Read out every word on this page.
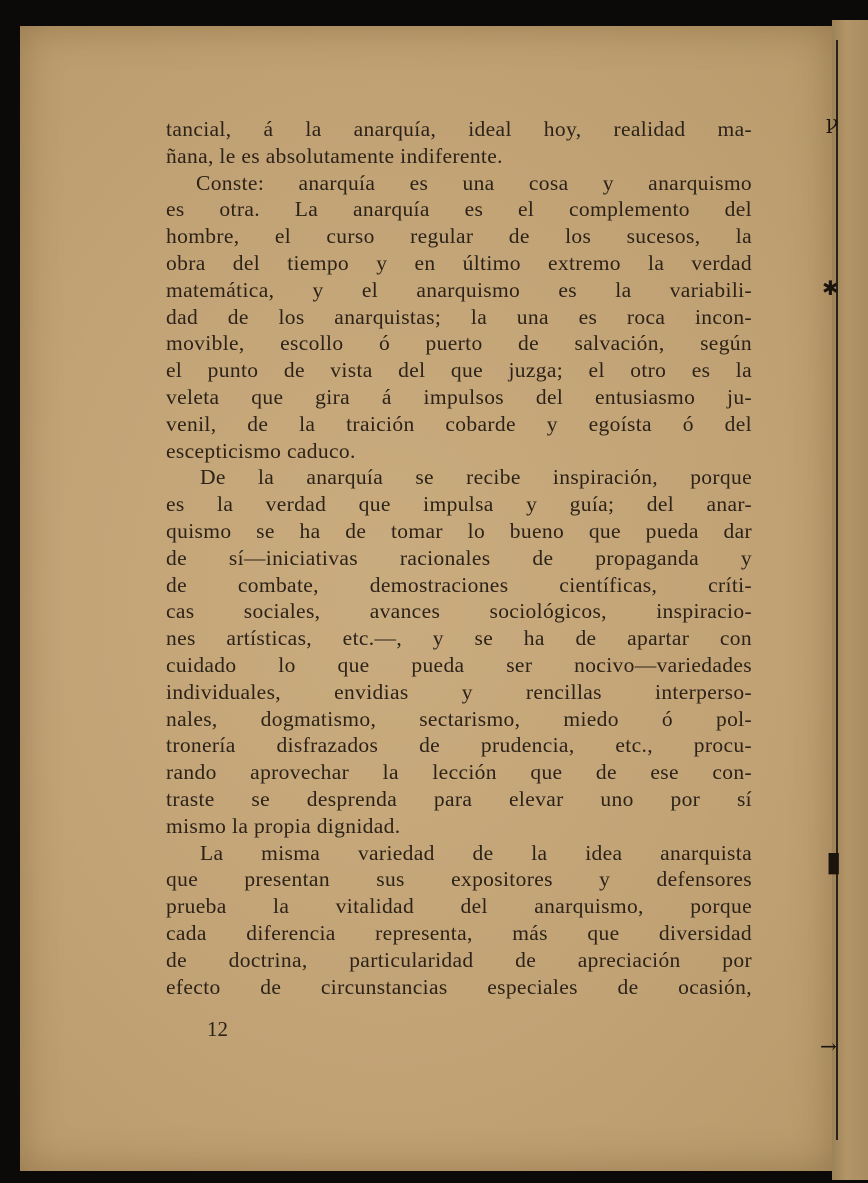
ꝩ
✱
▮
→
tancial, á la anarquía, ideal hoy, realidad ma-
ñana, le es absolutamente indiferente.
Conste: anarquía es una cosa y anarquismo
es otra. La anarquía es el complemento del
hombre, el curso regular de los sucesos, la
obra del tiempo y en último extremo la verdad
matemática, y el anarquismo es la variabili-
dad de los anarquistas; la una es roca incon-
movible, escollo ó puerto de salvación, según
el punto de vista del que juzga; el otro es la
veleta que gira á impulsos del entusiasmo ju-
venil, de la traición cobarde y egoísta ó del
escepticismo caduco.
De la anarquía se recibe inspiración, porque
es la verdad que impulsa y guía; del anar-
quismo se ha de tomar lo bueno que pueda dar
de sí—iniciativas racionales de propaganda y
de combate, demostraciones científicas, críti-
cas sociales, avances sociológicos, inspiracio-
nes artísticas, etc.—, y se ha de apartar con
cuidado lo que pueda ser nocivo—variedades
individuales, envidias y rencillas interperso-
nales, dogmatismo, sectarismo, miedo ó pol-
tronería disfrazados de prudencia, etc., procu-
rando aprovechar la lección que de ese con-
traste se desprenda para elevar uno por sí
mismo la propia dignidad.
La misma variedad de la idea anarquista
que presentan sus expositores y defensores
prueba la vitalidad del anarquismo, porque
cada diferencia representa, más que diversidad
de doctrina, particularidad de apreciación por
efecto de circunstancias especiales de ocasión,
12
